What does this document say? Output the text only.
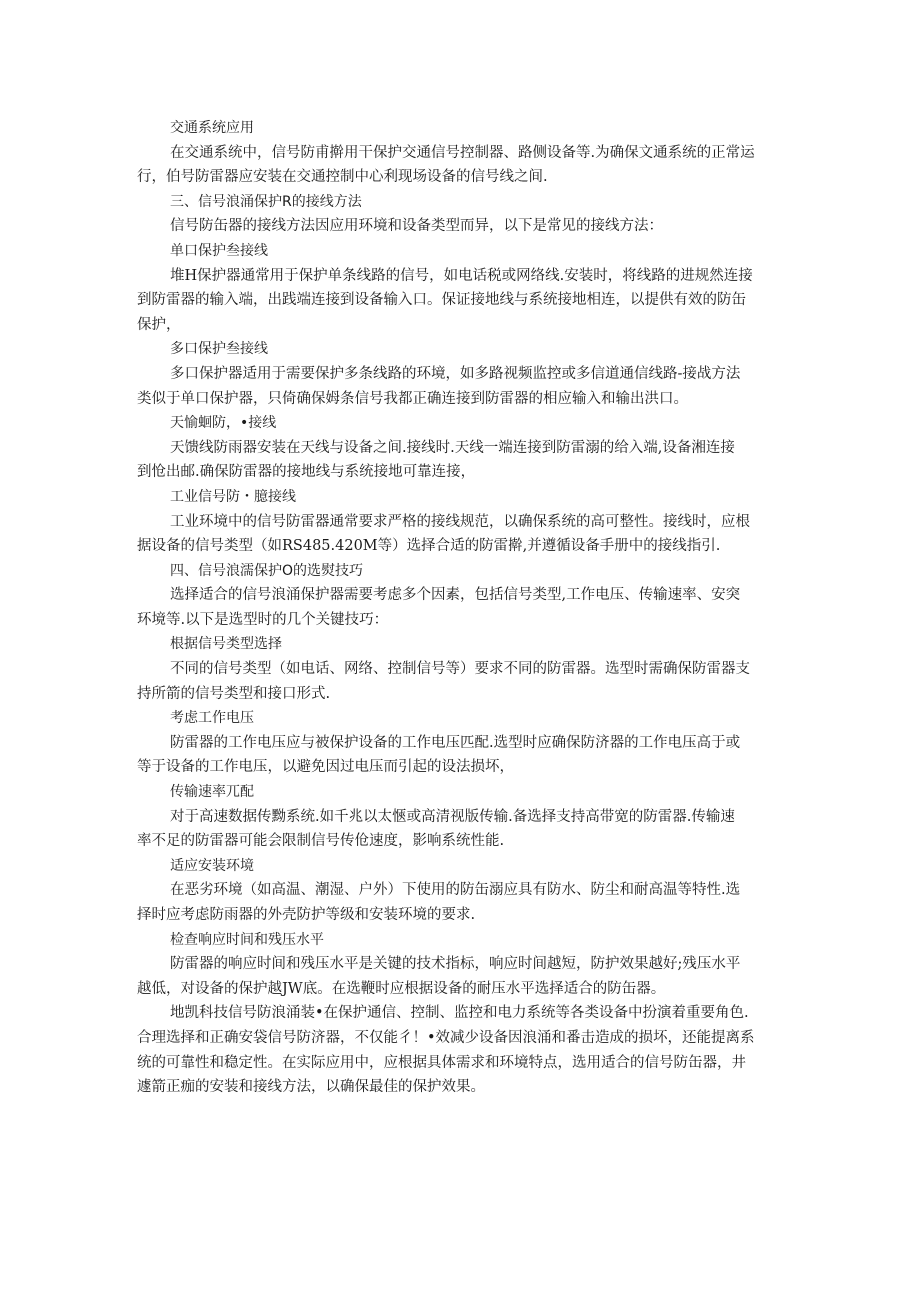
交通系统应用

在交通系统中，信号防甫擀用干保护交通信号控制器、路侧设备等.为确保文通系统的正常运

行，伯号防雷器应安装在交通控制中心利现场设备的信号线之间.

三、信号浪涌保护R的接线方法

信号防缶器的接线方法因应用环境和设备类型而异，以下是常见的接线方法：

单口保护叁接线

堆H保护器通常用于保护单条线路的信号，如电话税或网络线.安装时，将线路的进规然连接

到防雷器的输入端，出践端连接到设备输入口。保证接地线与系统接地相连，以提供有效的防缶

保护，

多口保护叁接线

多口保护器适用于需要保护多条线路的环境，如多路视频监控或多信道通信线路-接战方法

类似于单口保护器，只倚确保姆条信号我都正确连接到防雷器的相应输入和输出洪口。

天愉蛔防，•接线

天馈线防雨器安装在天线与设备之间.接线时.天线一端连接到防雷溺的给入端,设备湘连接

到怆出邮.确保防雷器的接地线与系统接地可靠连接，

工业信号防・臆接线

工业环境中的信号防雷器通常要求严格的接线规范，以确保系统的高可整性。接线时，应根

据设备的信号类型（如RS485.420M等）选择合适的防雷擀,并遵循设备手册中的接线指引.

四、信号浪濡保护O的选熨技巧

选择适合的信号浪涌保护器需要考虑多个因素，包括信号类型,工作电压、传输速率、安突

环境等.以下是选型时的几个关键技巧：

根据信号类型选择

不同的信号类型（如电话、网络、控制信号等）要求不同的防雷器。选型时需确保防雷器支

持所箭的信号类型和接口形式.

考虑工作电压

防雷器的工作电压应与被保护设备的工作电压匹配.选型时应确保防济器的工作电压高于或

等于设备的工作电压，以避免因过电压而引起的设法损坏，

传输速率兀配

对于高速数据传黝系统.如千兆以太愜或高清视版传输.备选择支持高带宽的防雷器.传输速

率不足的防雷器可能会限制信号传伧速度，影响系统性能.

适应安装环境

在恶劣环境（如高温、潮湿、户外）下使用的防缶溺应具有防水、防尘和耐高温等特性.选

择时应考虑防雨器的外壳防护等级和安装环境的要求.

检查响应时间和残压水平

防雷器的响应时间和残压水平是关键的技术指标，响应时间越短，防护效果越好;残压水平

越低，对设备的保护越JW底。在选鞭时应根据设备的耐压水平选择适合的防缶器。

地凯科技信号防浪涌装•在保护通信、控制、监控和电力系统等各类设备中扮演着重要角色.

合理选择和正确安袋信号防济器，不仅能彳！•效减少设备因浪涌和番击造成的损坏，还能提离系

统的可靠性和稳定性。在实际应用中，应根据具体需求和环境特点，选用适合的信号防缶器，井

遽箭正痂的安装和接线方法，以确保最佳的保护效果。
